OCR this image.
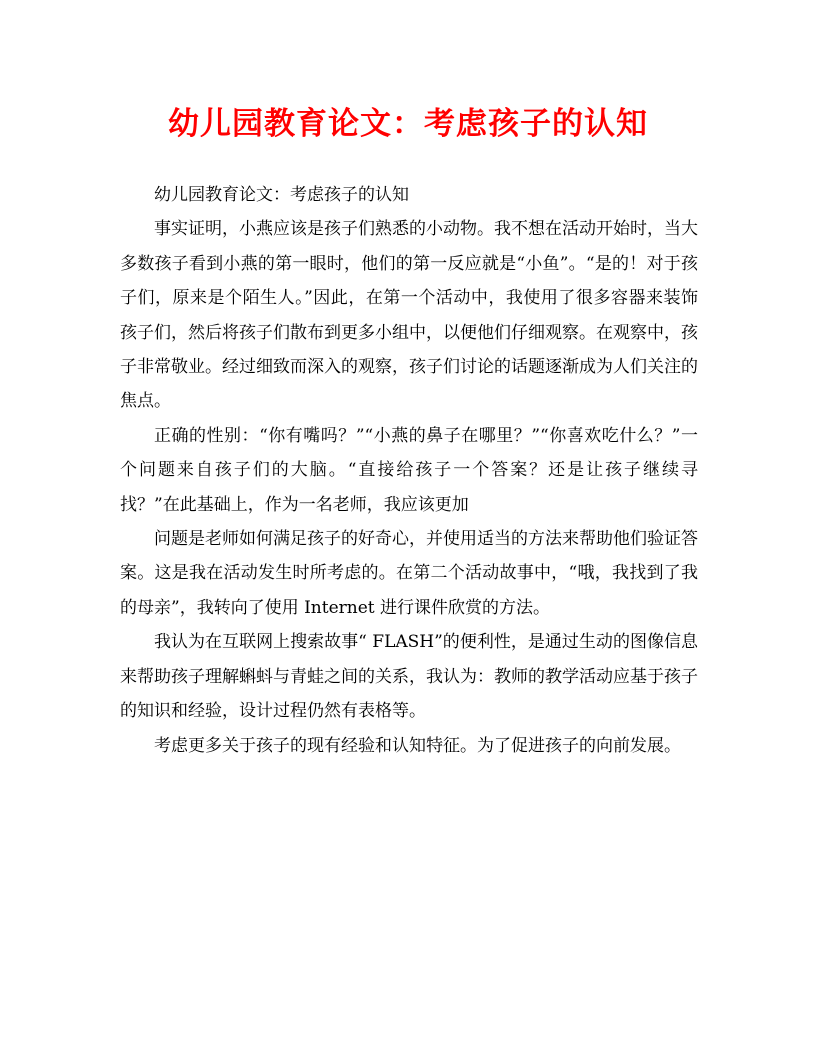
幼儿园教育论文：考虑孩子的认知

幼儿园教育论文：考虑孩子的认知

事实证明，小燕应该是孩子们熟悉的小动物。我不想在活动开始时，当大多数孩子看到小燕的第一眼时，他们的第一反应就是“小鱼”。“是的！对于孩子们，原来是个陌生人。”因此，在第一个活动中，我使用了很多容器来装饰孩子们，然后将孩子们散布到更多小组中，以便他们仔细观察。在观察中，孩子非常敬业。经过细致而深入的观察，孩子们讨论的话题逐渐成为人们关注的焦点。

正确的性别：“你有嘴吗？”“小燕的鼻子在哪里？”“你喜欢吃什么？”一个问题来自孩子们的大脑。“直接给孩子一个答案？还是让孩子继续寻找？”在此基础上，作为一名老师，我应该更加

问题是老师如何满足孩子的好奇心，并使用适当的方法来帮助他们验证答案。这是我在活动发生时所考虑的。在第二个活动故事中，“哦，我找到了我的母亲”，我转向了使用 Internet 进行课件欣赏的方法。

我认为在互联网上搜索故事“ FLASH”的便利性，是通过生动的图像信息来帮助孩子理解蝌蚪与青蛙之间的关系，我认为：教师的教学活动应基于孩子的知识和经验，设计过程仍然有表格等。

考虑更多关于孩子的现有经验和认知特征。为了促进孩子的向前发展。
